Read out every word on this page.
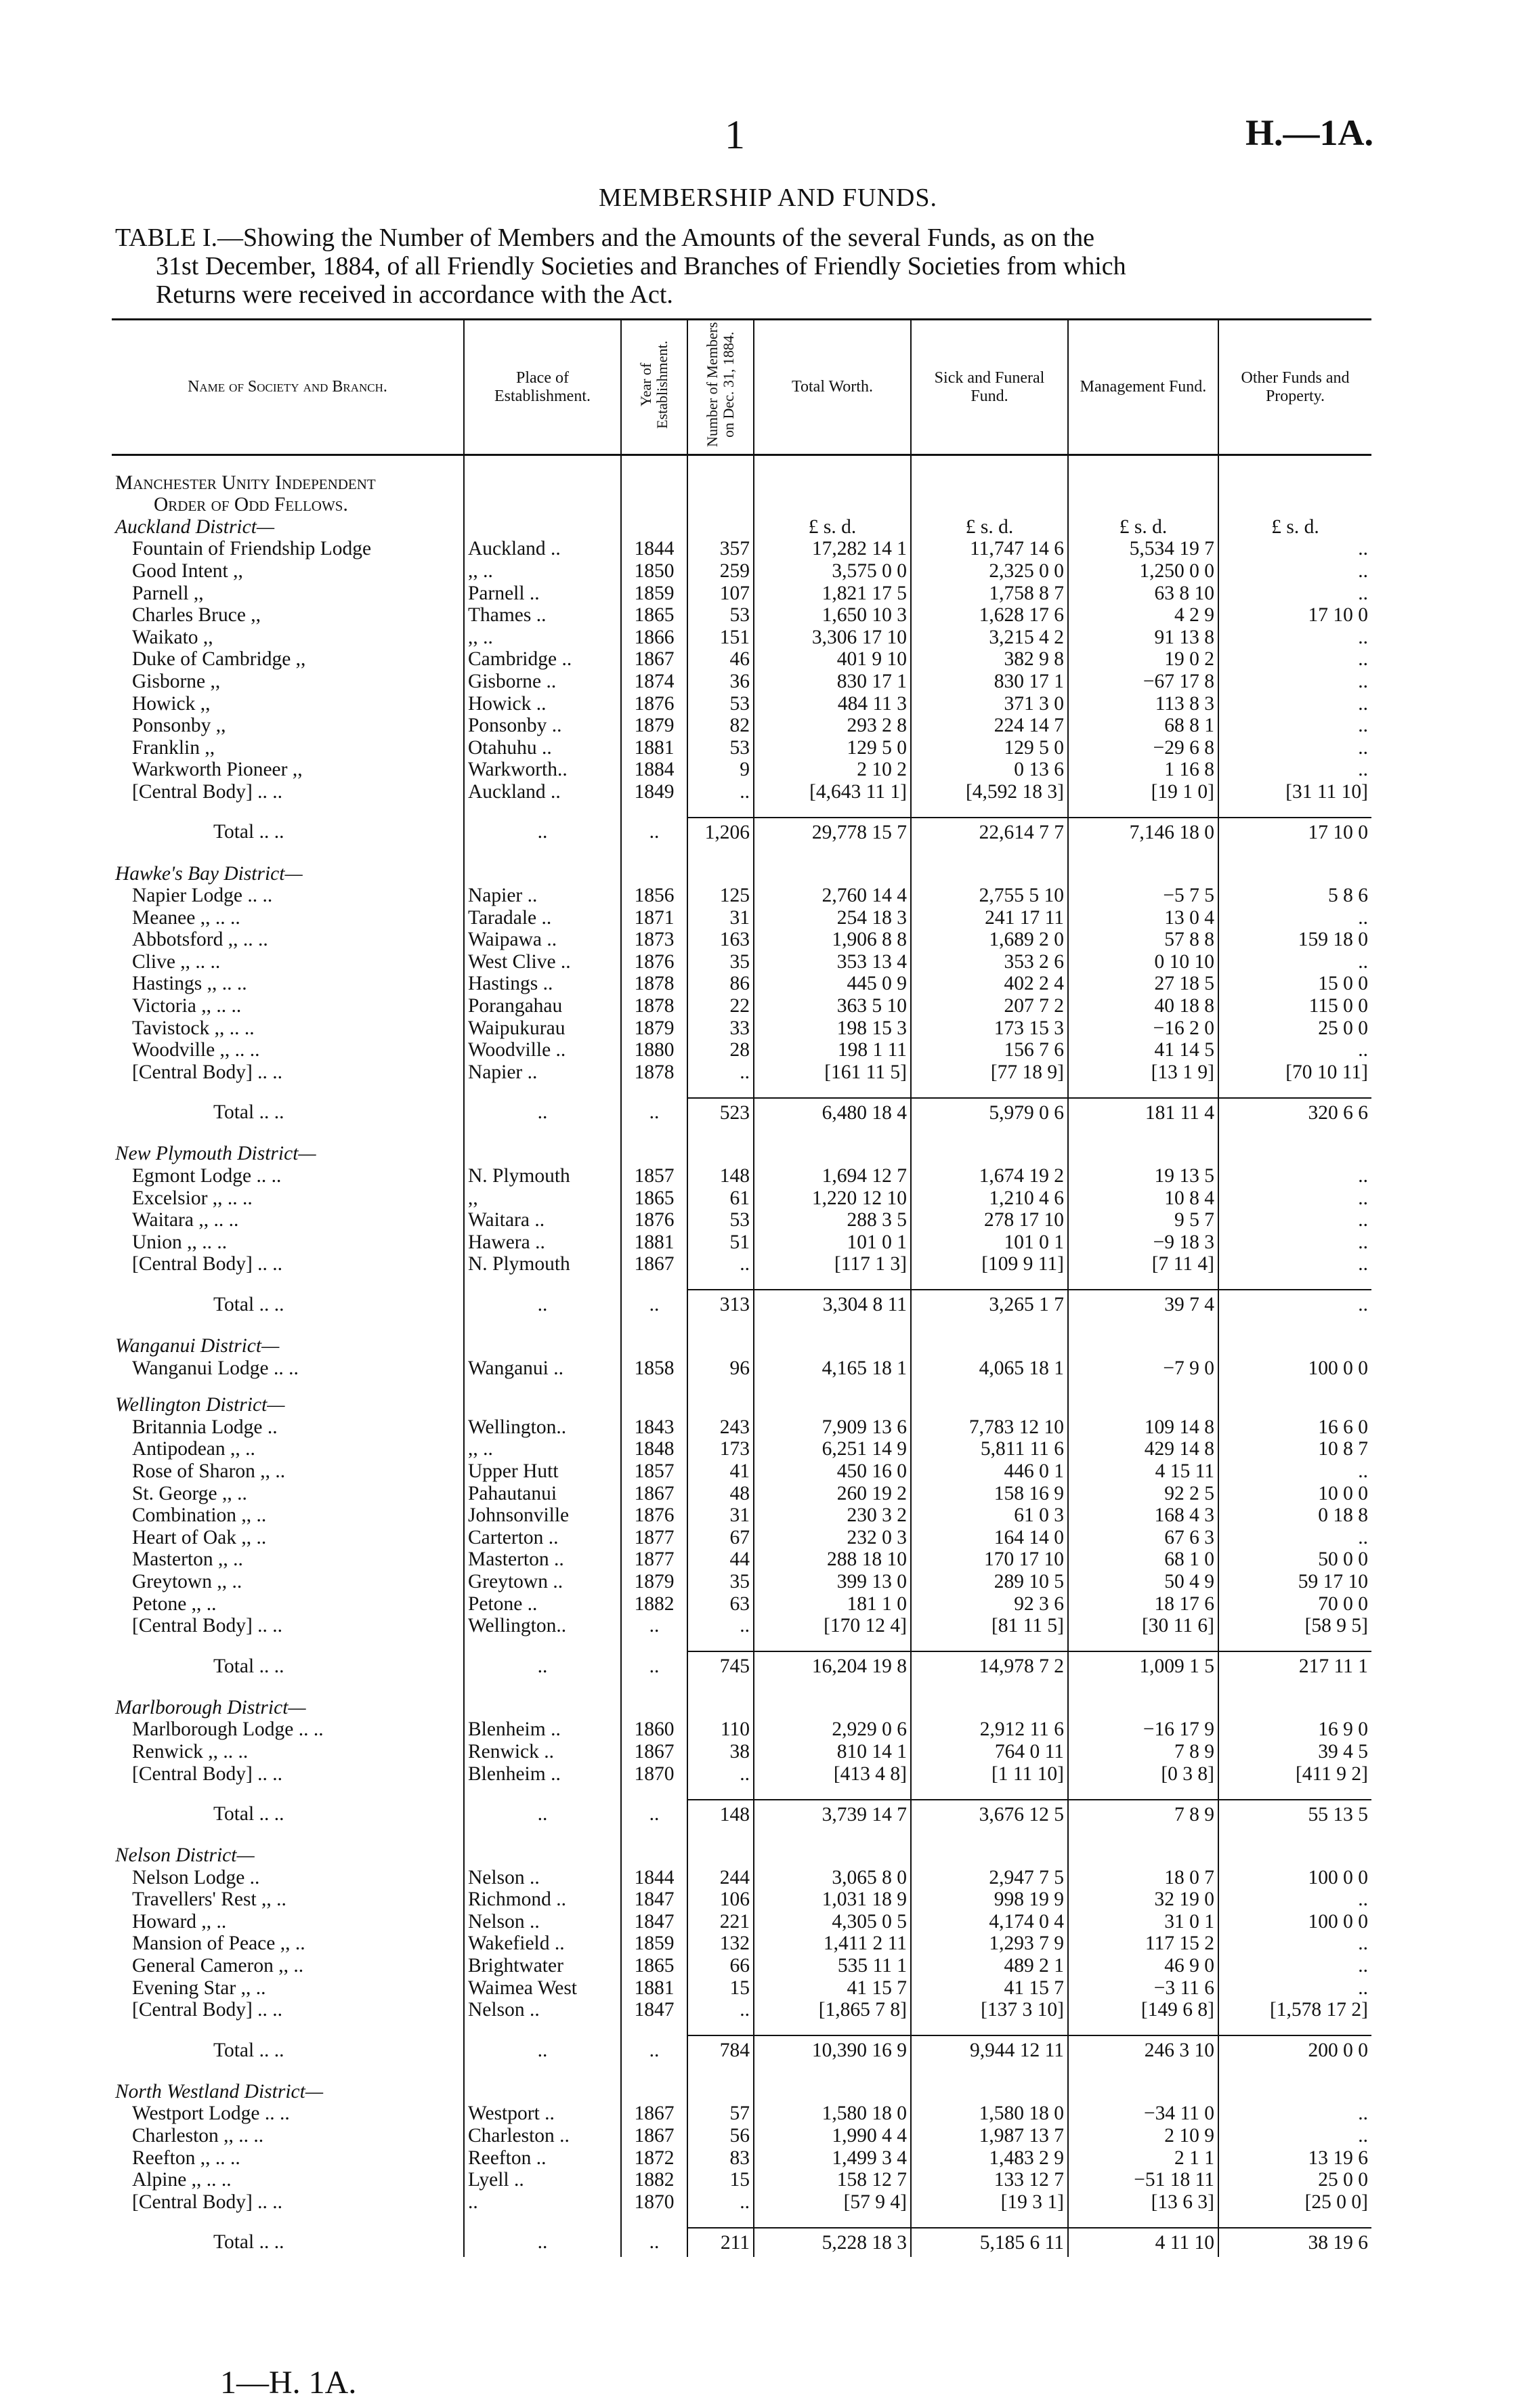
1	H.—1A.
MEMBERSHIP AND FUNDS.
TABLE I.—Showing the Number of Members and the Amounts of the several Funds, as on the
31st December, 1884, of all Friendly Societies and Branches of Friendly Societies from which
Returns were received in accordance with the Act.
Name of Society and Branch.	Place of Establishment.	Year of Establishment.	Number of Members on Dec. 31, 1884.	Total Worth.	Sick and Funeral Fund.	Management Fund.	Other Funds and Property.

Manchester Unity Independent							
Order of Odd Fellows.							
Auckland District—				£ s. d.	£ s. d.	£ s. d.	£ s. d.
Fountain of Friendship Lodge	Auckland ..	1844	357	17,282 14 1	11,747 14 6	5,534 19 7	..
Good Intent ,,	,, ..	1850	259	3,575 0 0	2,325 0 0	1,250 0 0	..
Parnell ,,	Parnell ..	1859	107	1,821 17 5	1,758 8 7	63 8 10	..
Charles Bruce ,,	Thames ..	1865	53	1,650 10 3	1,628 17 6	4 2 9	17 10 0
Waikato ,,	,, ..	1866	151	3,306 17 10	3,215 4 2	91 13 8	..
Duke of Cambridge ,,	Cambridge ..	1867	46	401 9 10	382 9 8	19 0 2	..
Gisborne ,,	Gisborne ..	1874	36	830 17 1	830 17 1	−67 17 8	..
Howick ,,	Howick ..	1876	53	484 11 3	371 3 0	113 8 3	..
Ponsonby ,,	Ponsonby ..	1879	82	293 2 8	224 14 7	68 8 1	..
Franklin ,,	Otahuhu ..	1881	53	129 5 0	129 5 0	−29 6 8	..
Warkworth Pioneer ,,	Warkworth..	1884	9	2 10 2	0 13 6	1 16 8	..
[Central Body] .. ..	Auckland ..	1849	..	[4,643 11 1]	[4,592 18 3]	[19 1 0]	[31 11 10]

Total .. ..	..	..	1,206	29,778 15 7	22,614 7 7	7,146 18 0	17 10 0

Hawke's Bay District—							
Napier Lodge .. ..	Napier ..	1856	125	2,760 14 4	2,755 5 10	−5 7 5	5 8 6
Meanee ,, .. ..	Taradale ..	1871	31	254 18 3	241 17 11	13 0 4	..
Abbotsford ,, .. ..	Waipawa ..	1873	163	1,906 8 8	1,689 2 0	57 8 8	159 18 0
Clive ,, .. ..	West Clive ..	1876	35	353 13 4	353 2 6	0 10 10	..
Hastings ,, .. ..	Hastings ..	1878	86	445 0 9	402 2 4	27 18 5	15 0 0
Victoria ,, .. ..	Porangahau	1878	22	363 5 10	207 7 2	40 18 8	115 0 0
Tavistock ,, .. ..	Waipukurau	1879	33	198 15 3	173 15 3	−16 2 0	25 0 0
Woodville ,, .. ..	Woodville ..	1880	28	198 1 11	156 7 6	41 14 5	..
[Central Body] .. ..	Napier ..	1878	..	[161 11 5]	[77 18 9]	[13 1 9]	[70 10 11]

Total .. ..	..	..	523	6,480 18 4	5,979 0 6	181 11 4	320 6 6

New Plymouth District—							
Egmont Lodge .. ..	N. Plymouth	1857	148	1,694 12 7	1,674 19 2	19 13 5	..
Excelsior ,, .. ..	,,	1865	61	1,220 12 10	1,210 4 6	10 8 4	..
Waitara ,, .. ..	Waitara ..	1876	53	288 3 5	278 17 10	9 5 7	..
Union ,, .. ..	Hawera ..	1881	51	101 0 1	101 0 1	−9 18 3	..
[Central Body] .. ..	N. Plymouth	1867	..	[117 1 3]	[109 9 11]	[7 11 4]	..

Total .. ..	..	..	313	3,304 8 11	3,265 1 7	39 7 4	..

Wanganui District—							
Wanganui Lodge .. ..	Wanganui ..	1858	96	4,165 18 1	4,065 18 1	−7 9 0	100 0 0

Wellington District—							
Britannia Lodge ..	Wellington..	1843	243	7,909 13 6	7,783 12 10	109 14 8	16 6 0
Antipodean ,, ..	,, ..	1848	173	6,251 14 9	5,811 11 6	429 14 8	10 8 7
Rose of Sharon ,, ..	Upper Hutt	1857	41	450 16 0	446 0 1	4 15 11	..
St. George ,, ..	Pahautanui	1867	48	260 19 2	158 16 9	92 2 5	10 0 0
Combination ,, ..	Johnsonville	1876	31	230 3 2	61 0 3	168 4 3	0 18 8
Heart of Oak ,, ..	Carterton ..	1877	67	232 0 3	164 14 0	67 6 3	..
Masterton ,, ..	Masterton ..	1877	44	288 18 10	170 17 10	68 1 0	50 0 0
Greytown ,, ..	Greytown ..	1879	35	399 13 0	289 10 5	50 4 9	59 17 10
Petone ,, ..	Petone ..	1882	63	181 1 0	92 3 6	18 17 6	70 0 0
[Central Body] .. ..	Wellington..	..	..	[170 12 4]	[81 11 5]	[30 11 6]	[58 9 5]

Total .. ..	..	..	745	16,204 19 8	14,978 7 2	1,009 1 5	217 11 1

Marlborough District—							
Marlborough Lodge .. ..	Blenheim ..	1860	110	2,929 0 6	2,912 11 6	−16 17 9	16 9 0
Renwick ,, .. ..	Renwick ..	1867	38	810 14 1	764 0 11	7 8 9	39 4 5
[Central Body] .. ..	Blenheim ..	1870	..	[413 4 8]	[1 11 10]	[0 3 8]	[411 9 2]

Total .. ..	..	..	148	3,739 14 7	3,676 12 5	7 8 9	55 13 5

Nelson District—							
Nelson Lodge ..	Nelson ..	1844	244	3,065 8 0	2,947 7 5	18 0 7	100 0 0
Travellers' Rest ,, ..	Richmond ..	1847	106	1,031 18 9	998 19 9	32 19 0	..
Howard ,, ..	Nelson ..	1847	221	4,305 0 5	4,174 0 4	31 0 1	100 0 0
Mansion of Peace ,, ..	Wakefield ..	1859	132	1,411 2 11	1,293 7 9	117 15 2	..
General Cameron ,, ..	Brightwater	1865	66	535 11 1	489 2 1	46 9 0	..
Evening Star ,, ..	Waimea West	1881	15	41 15 7	41 15 7	−3 11 6	..
[Central Body] .. ..	Nelson ..	1847	..	[1,865 7 8]	[137 3 10]	[149 6 8]	[1,578 17 2]

Total .. ..	..	..	784	10,390 16 9	9,944 12 11	246 3 10	200 0 0

North Westland District—							
Westport Lodge .. ..	Westport ..	1867	57	1,580 18 0	1,580 18 0	−34 11 0	..
Charleston ,, .. ..	Charleston ..	1867	56	1,990 4 4	1,987 13 7	2 10 9	..
Reefton ,, .. ..	Reefton ..	1872	83	1,499 3 4	1,483 2 9	2 1 1	13 19 6
Alpine ,, .. ..	Lyell ..	1882	15	158 12 7	133 12 7	−51 18 11	25 0 0
[Central Body] .. ..	..	1870	..	[57 9 4]	[19 3 1]	[13 6 3]	[25 0 0]

Total .. ..	..	..	211	5,228 18 3	5,185 6 11	4 11 10	38 19 6
1—H. 1A.
